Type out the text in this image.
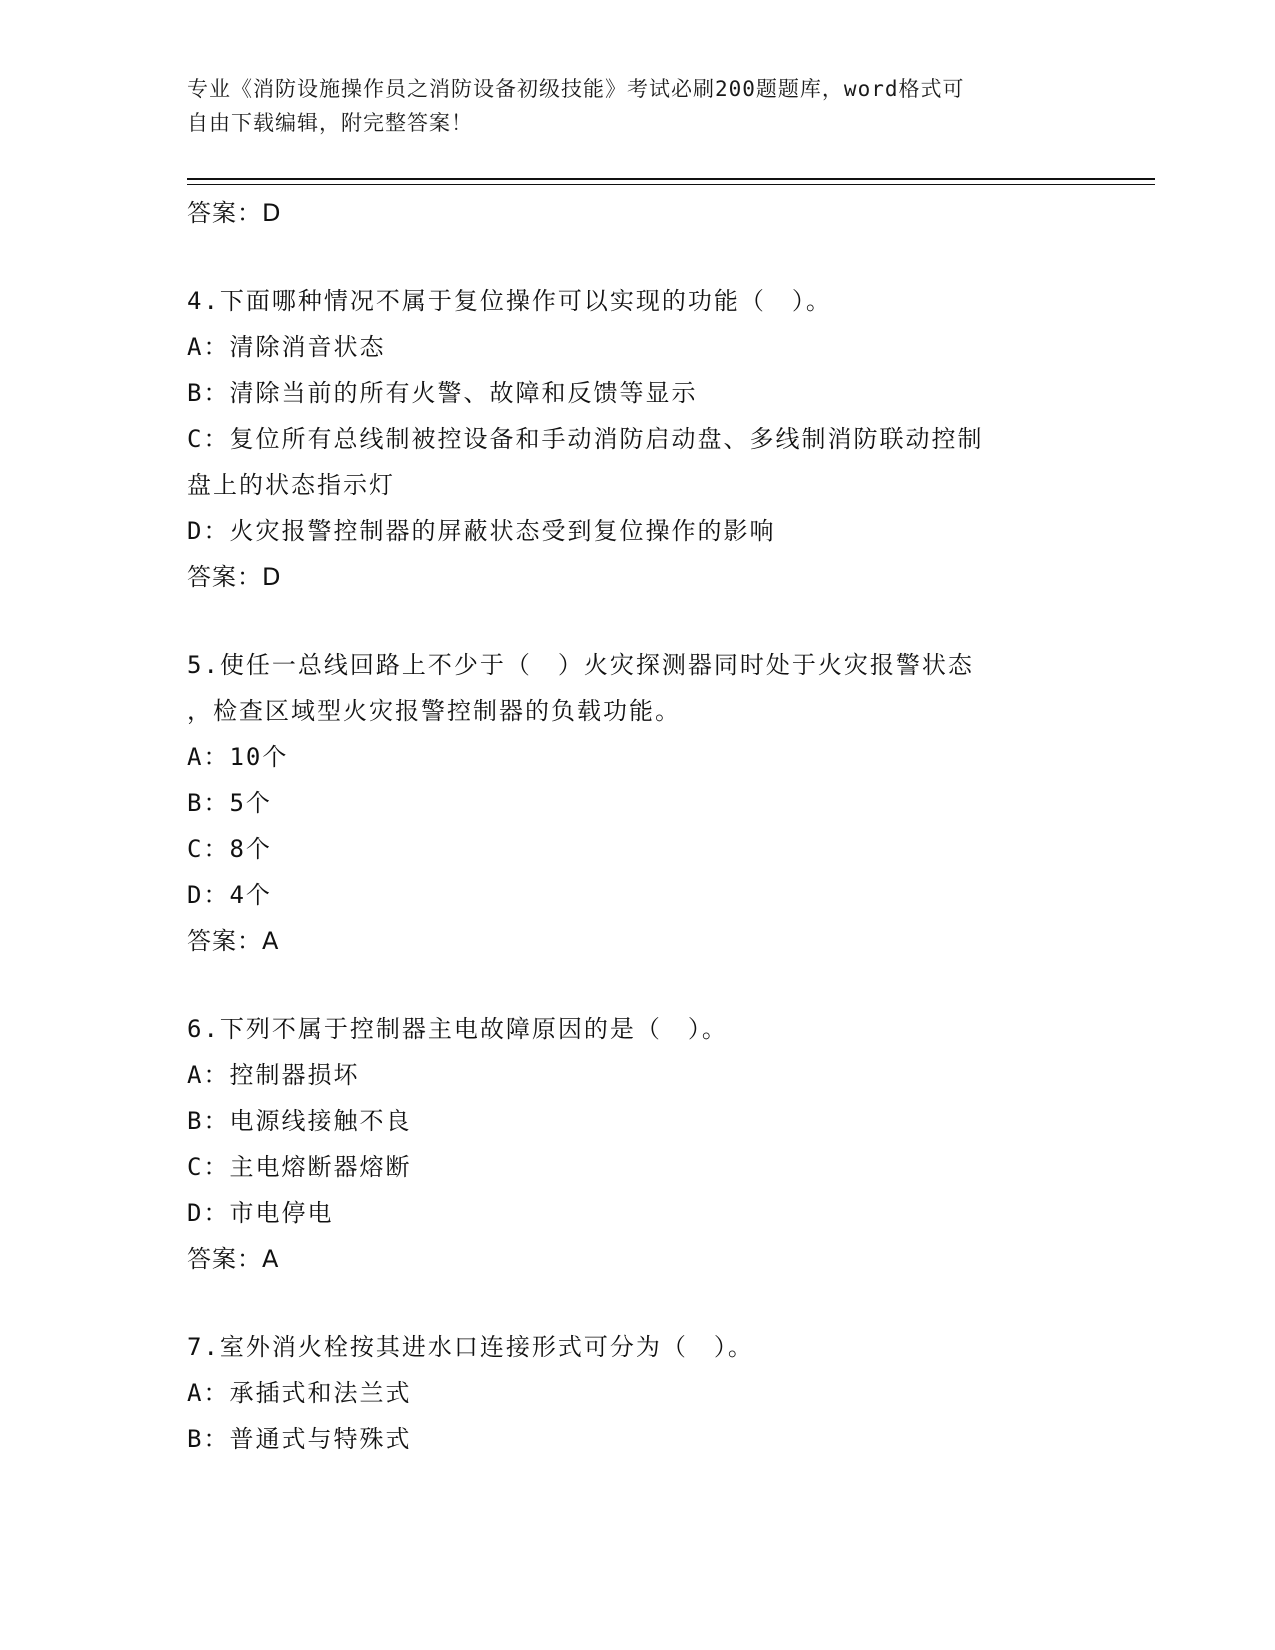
专业《消防设施操作员之消防设备初级技能》考试必刷200题题库，word格式可
自由下载编辑，附完整答案！
答案：D
4.下面哪种情况不属于复位操作可以实现的功能（　）。
A：清除消音状态
B：清除当前的所有火警、故障和反馈等显示
C：复位所有总线制被控设备和手动消防启动盘、多线制消防联动控制
盘上的状态指示灯
D：火灾报警控制器的屏蔽状态受到复位操作的影响
答案：D
5.使任一总线回路上不少于（　）火灾探测器同时处于火灾报警状态
，检查区域型火灾报警控制器的负载功能。
A：10个
B：5个
C：8个
D：4个
答案：A
6.下列不属于控制器主电故障原因的是（　）。
A：控制器损坏
B：电源线接触不良
C：主电熔断器熔断
D：市电停电
答案：A
7.室外消火栓按其进水口连接形式可分为（　）。
A：承插式和法兰式
B：普通式与特殊式
